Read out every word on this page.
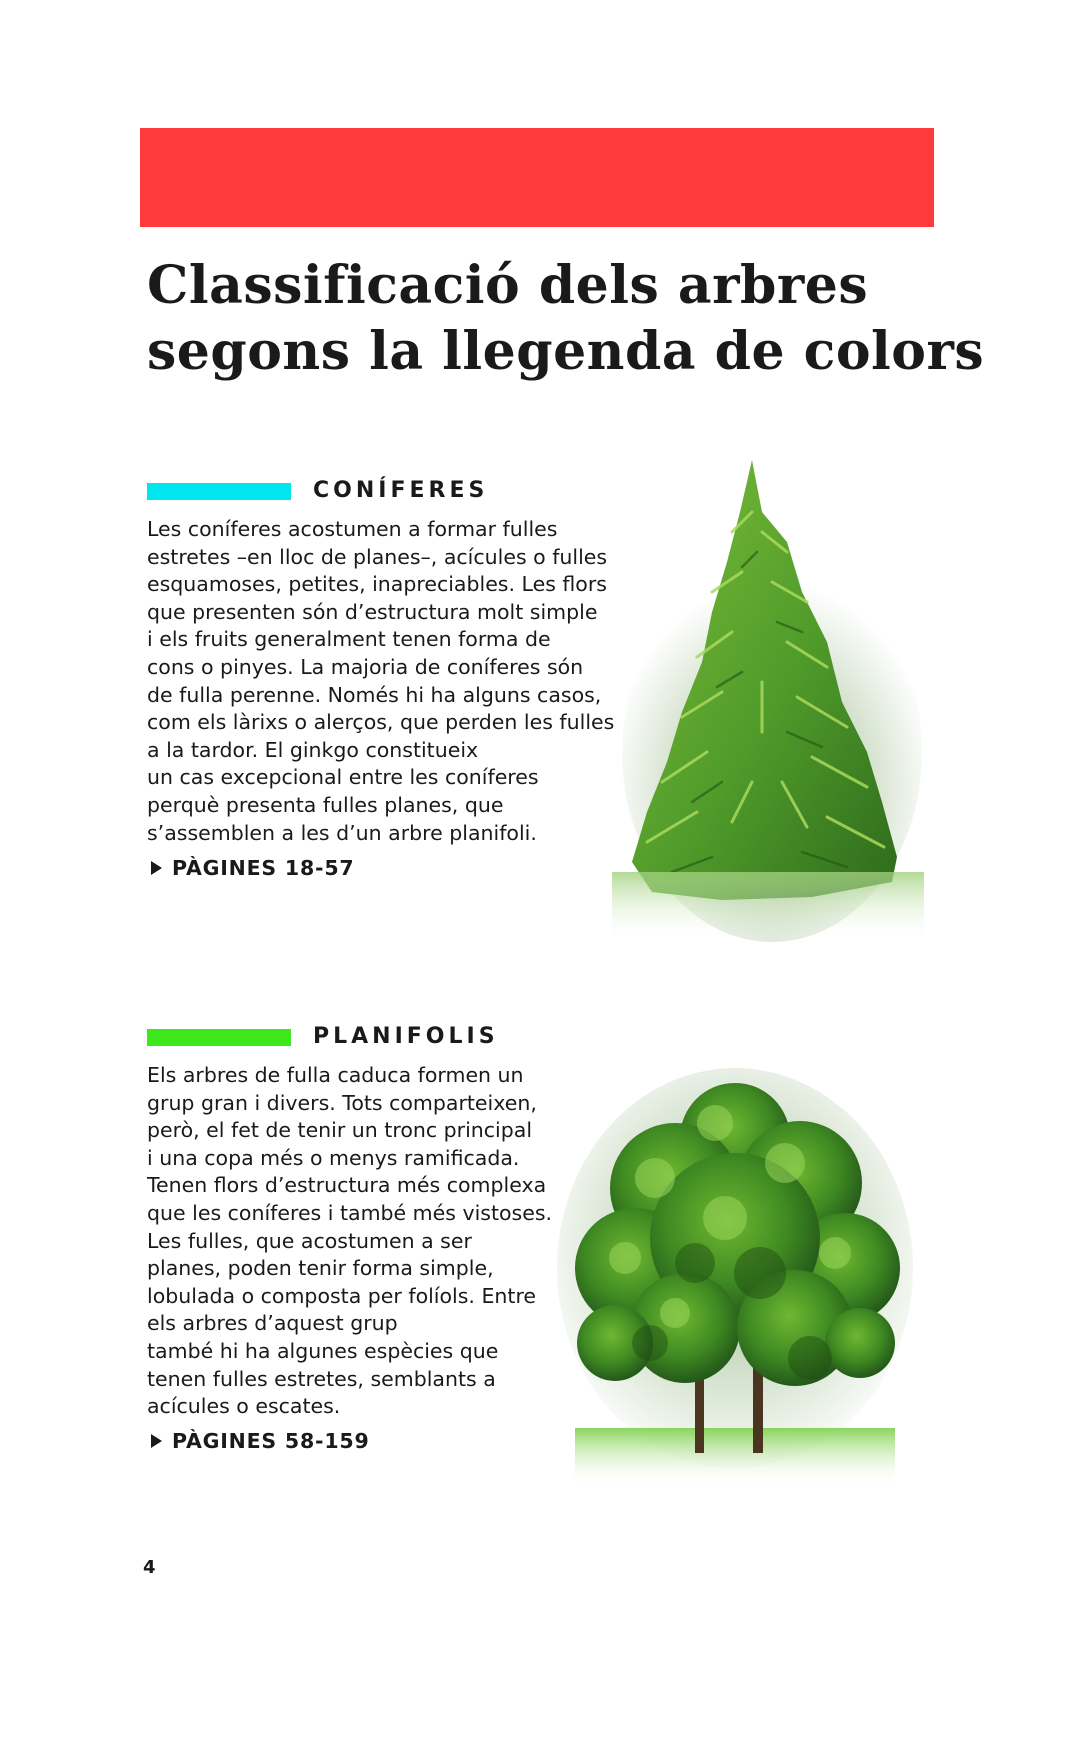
Classificació dels arbres
segons la llegenda de colors
CONÍFERES

Les coníferes acostumen a formar fulles
estretes –en lloc de planes–, acícules o fulles
esquamoses, petites, inapreciables. Les flors
que presenten són d’estructura molt simple
i els fruits generalment tenen forma de
cons o pinyes. La majoria de coníferes són
de fulla perenne. Només hi ha alguns casos,
com els làrixs o alerços, que perden les fulles
a la tardor. El ginkgo constitueix
un cas excepcional entre les coníferes
perquè presenta fulles planes, que
s’assemblen a les d’un arbre planifoli.

PÀGINES 18-57

PLANIFOLIS

Els arbres de fulla caduca formen un
grup gran i divers. Tots comparteixen,
però, el fet de tenir un tronc principal
i una copa més o menys ramificada.
Tenen flors d’estructura més complexa
que les coníferes i també més vistoses.
Les fulles, que acostumen a ser
planes, poden tenir forma simple,
lobulada o composta per folíols. Entre
els arbres d’aquest grup
també hi ha algunes espècies que
tenen fulles estretes, semblants a
acícules o escates.

PÀGINES 58-159

4
